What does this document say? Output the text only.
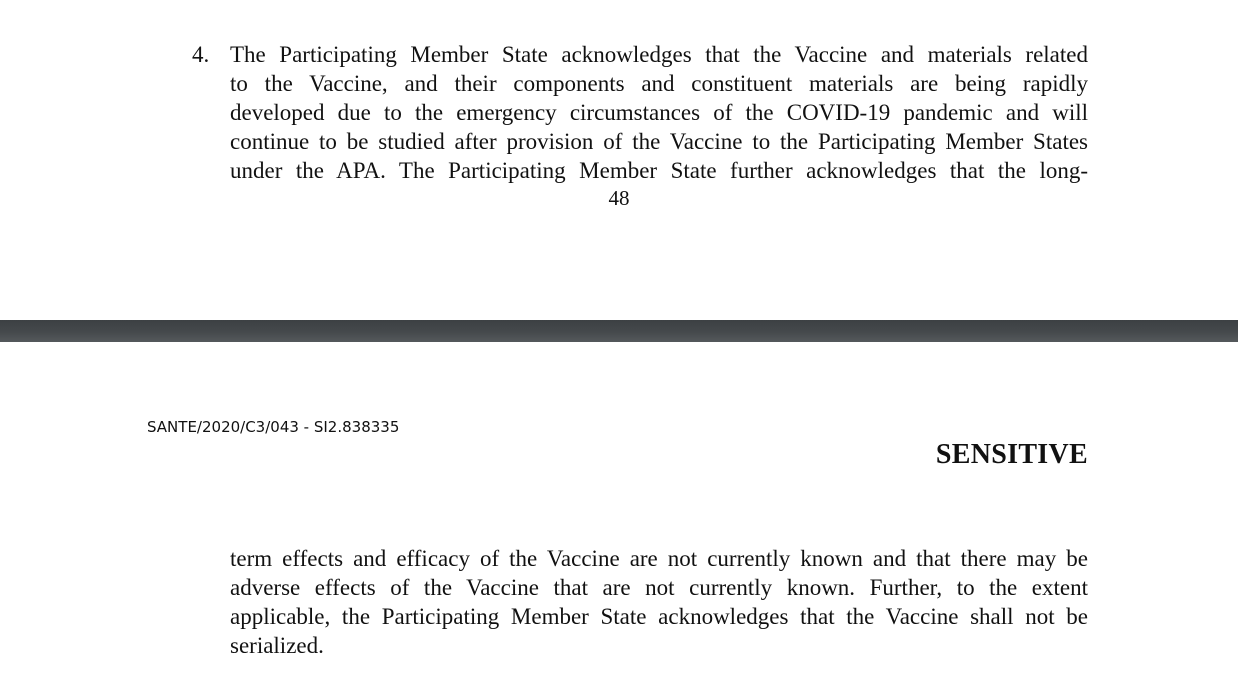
4. The Participating Member State acknowledges that the Vaccine and materials related
to the Vaccine, and their components and constituent materials are being rapidly
developed due to the emergency circumstances of the COVID-19 pandemic and will
continue to be studied after provision of the Vaccine to the Participating Member States
under the APA. The Participating Member State further acknowledges that the long-
48
SANTE/2020/C3/043 - SI2.838335
SENSITIVE
term effects and efficacy of the Vaccine are not currently known and that there may be
adverse effects of the Vaccine that are not currently known. Further, to the extent
applicable, the Participating Member State acknowledges that the Vaccine shall not be
serialized.
